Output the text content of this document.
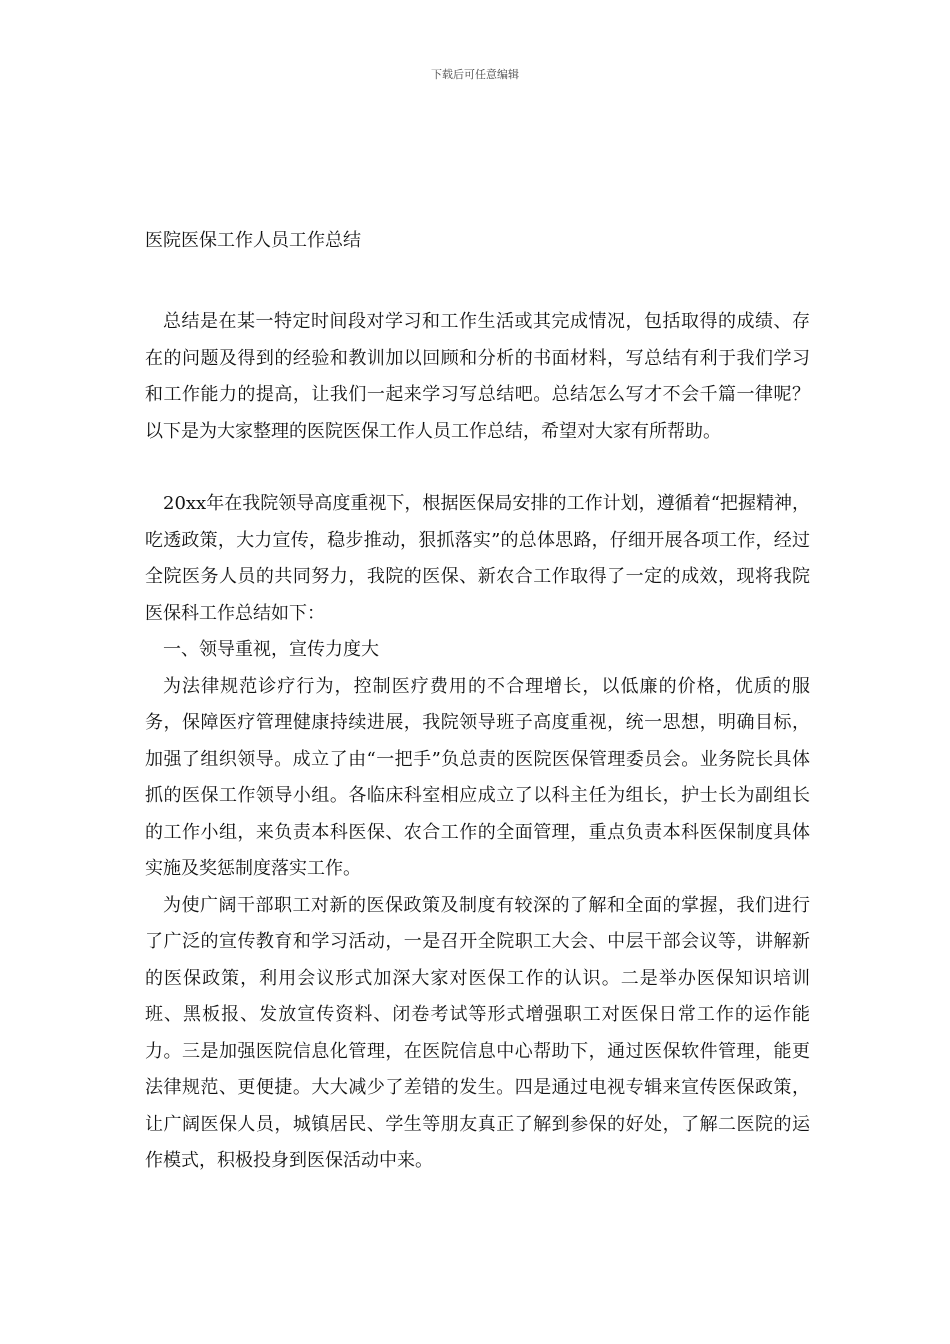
下载后可任意编辑
医院医保工作人员工作总结

总结是在某一特定时间段对学习和工作生活或其完成情况，包括取得的成绩、存在的问题及得到的经验和教训加以回顾和分析的书面材料，写总结有利于我们学习和工作能力的提高，让我们一起来学习写总结吧。总结怎么写才不会千篇一律呢？以下是为大家整理的医院医保工作人员工作总结，希望对大家有所帮助。

20xx年在我院领导高度重视下，根据医保局安排的工作计划，遵循着“把握精神，吃透政策，大力宣传，稳步推动，狠抓落实”的总体思路，仔细开展各项工作，经过全院医务人员的共同努力，我院的医保、新农合工作取得了一定的成效，现将我院医保科工作总结如下：

一、领导重视，宣传力度大

为法律规范诊疗行为，控制医疗费用的不合理增长，以低廉的价格，优质的服务，保障医疗管理健康持续进展，我院领导班子高度重视，统一思想，明确目标，加强了组织领导。成立了由“一把手”负总责的医院医保管理委员会。业务院长具体抓的医保工作领导小组。各临床科室相应成立了以科主任为组长，护士长为副组长的工作小组，来负责本科医保、农合工作的全面管理，重点负责本科医保制度具体实施及奖惩制度落实工作。

为使广阔干部职工对新的医保政策及制度有较深的了解和全面的掌握，我们进行了广泛的宣传教育和学习活动，一是召开全院职工大会、中层干部会议等，讲解新的医保政策，利用会议形式加深大家对医保工作的认识。二是举办医保知识培训班、黑板报、发放宣传资料、闭卷考试等形式增强职工对医保日常工作的运作能力。三是加强医院信息化管理，在医院信息中心帮助下，通过医保软件管理，能更法律规范、更便捷。大大减少了差错的发生。四是通过电视专辑来宣传医保政策，让广阔医保人员，城镇居民、学生等朋友真正了解到参保的好处，了解二医院的运作模式，积极投身到医保活动中来。
